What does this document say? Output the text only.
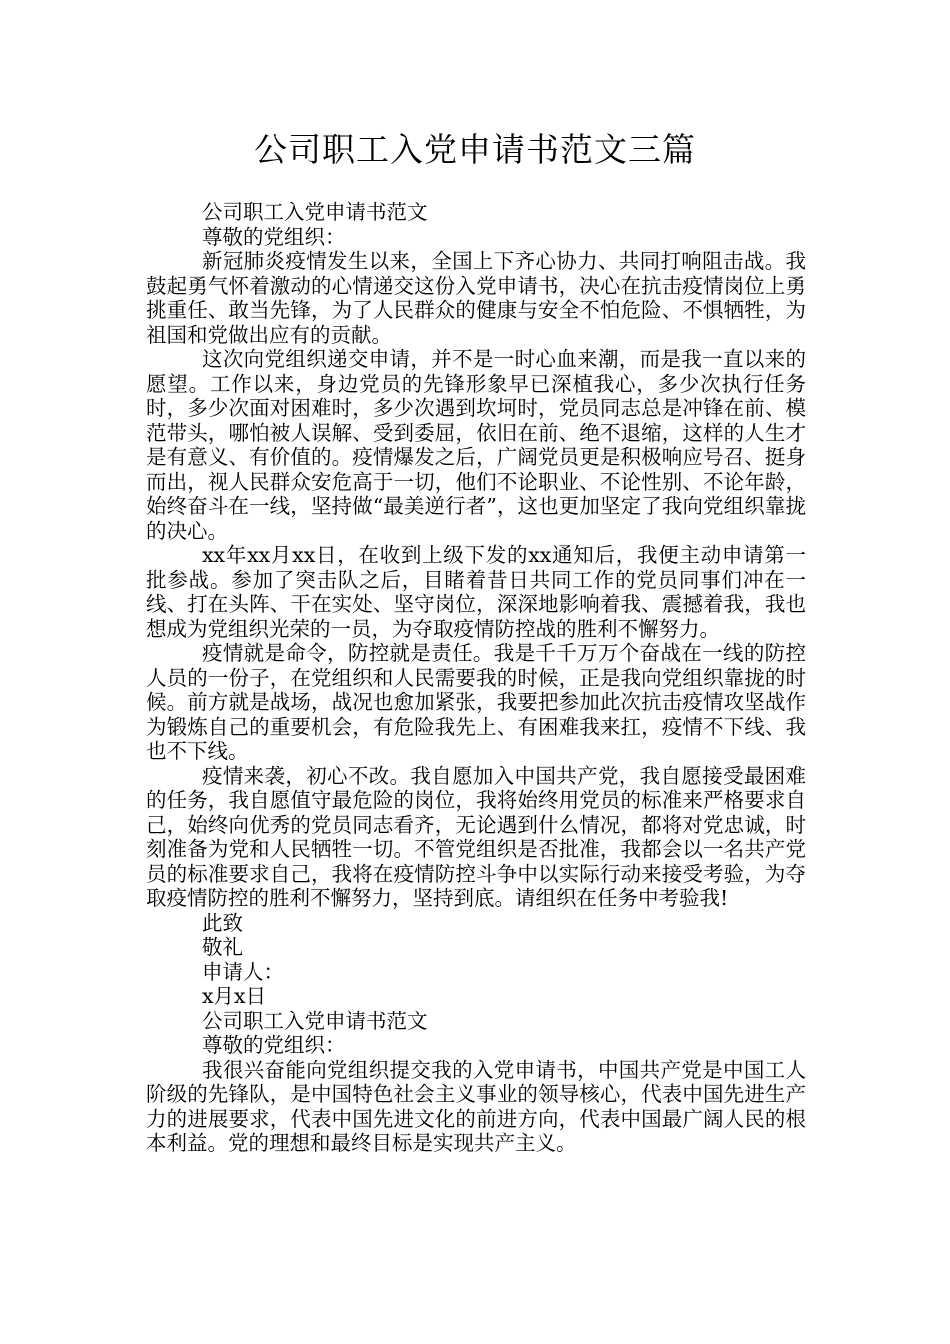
公司职工入党申请书范文三篇

公司职工入党申请书范文

尊敬的党组织：

新冠肺炎疫情发生以来，全国上下齐心协力、共同打响阻击战。我鼓起勇气怀着激动的心情递交这份入党申请书，决心在抗击疫情岗位上勇挑重任、敢当先锋，为了人民群众的健康与安全不怕危险、不惧牺牲，为祖国和党做出应有的贡献。

这次向党组织递交申请，并不是一时心血来潮，而是我一直以来的愿望。工作以来，身边党员的先锋形象早已深植我心，多少次执行任务时，多少次面对困难时，多少次遇到坎坷时，党员同志总是冲锋在前、模范带头，哪怕被人误解、受到委屈，依旧在前、绝不退缩，这样的人生才是有意义、有价值的。疫情爆发之后，广阔党员更是积极响应号召、挺身而出，视人民群众安危高于一切，他们不论职业、不论性别、不论年龄，始终奋斗在一线，坚持做“最美逆行者”，这也更加坚定了我向党组织靠拢的决心。

xx年xx月xx日，在收到上级下发的xx通知后，我便主动申请第一批参战。参加了突击队之后，目睹着昔日共同工作的党员同事们冲在一线、打在头阵、干在实处、坚守岗位，深深地影响着我、震撼着我，我也想成为党组织光荣的一员，为夺取疫情防控战的胜利不懈努力。

疫情就是命令，防控就是责任。我是千千万万个奋战在一线的防控人员的一份子，在党组织和人民需要我的时候，正是我向党组织靠拢的时候。前方就是战场，战况也愈加紧张，我要把参加此次抗击疫情攻坚战作为锻炼自己的重要机会，有危险我先上、有困难我来扛，疫情不下线、我也不下线。

疫情来袭，初心不改。我自愿加入中国共产党，我自愿接受最困难的任务，我自愿值守最危险的岗位，我将始终用党员的标准来严格要求自己，始终向优秀的党员同志看齐，无论遇到什么情况，都将对党忠诚，时刻准备为党和人民牺牲一切。不管党组织是否批准，我都会以一名共产党员的标准要求自己，我将在疫情防控斗争中以实际行动来接受考验，为夺取疫情防控的胜利不懈努力，坚持到底。请组织在任务中考验我!

此致

敬礼

申请人：

x月x日

公司职工入党申请书范文

尊敬的党组织：

我很兴奋能向党组织提交我的入党申请书，中国共产党是中国工人阶级的先锋队，是中国特色社会主义事业的领导核心，代表中国先进生产力的进展要求，代表中国先进文化的前进方向，代表中国最广阔人民的根本利益。党的理想和最终目标是实现共产主义。
